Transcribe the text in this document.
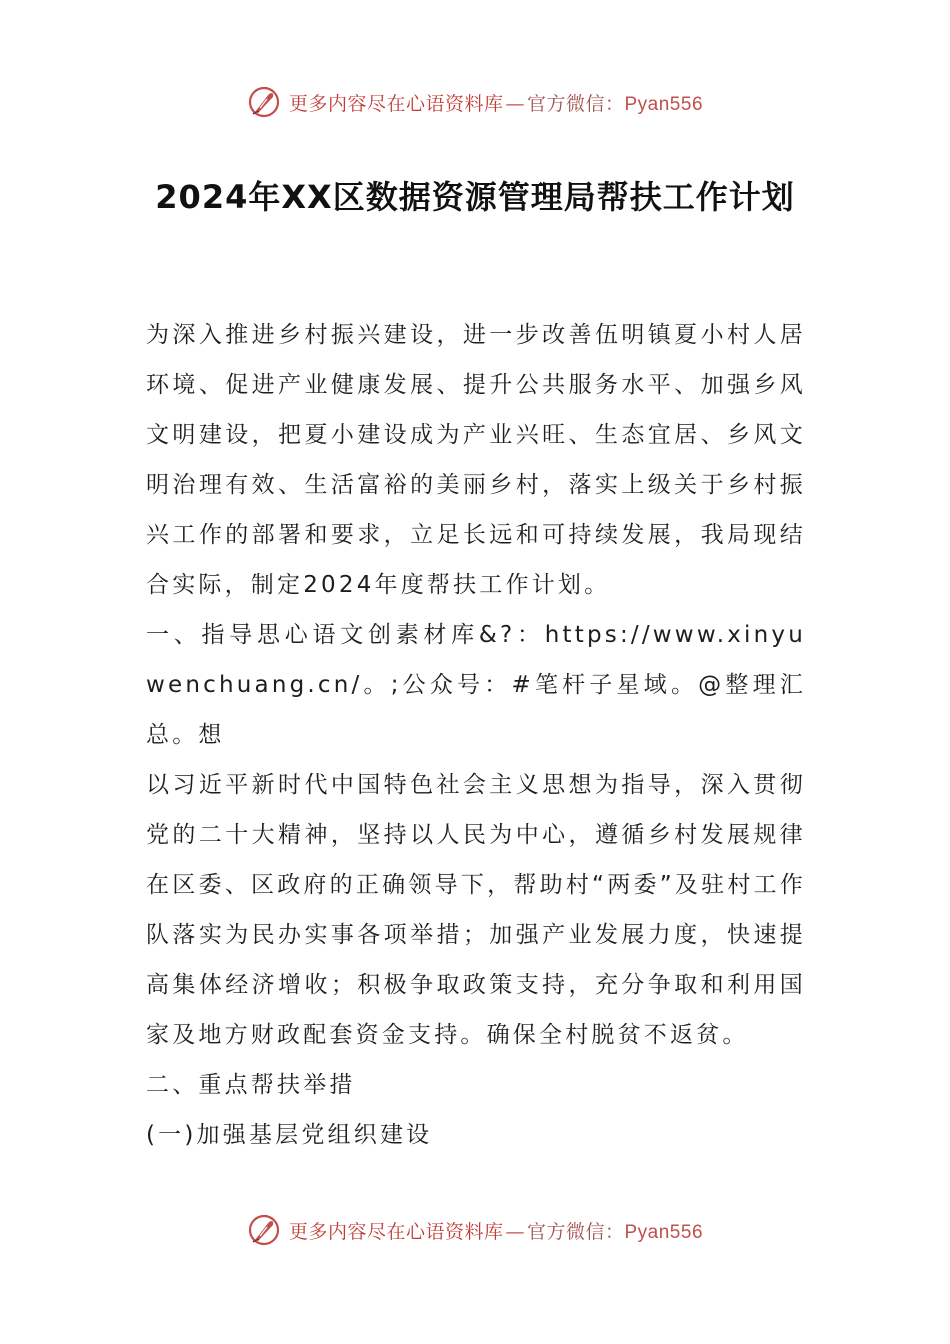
更多内容尽在心语资料库 — 官方微信：Pyan556
2024年XX区数据资源管理局帮扶工作计划

为深入推进乡村振兴建设，进一步改善伍明镇夏小村人居环境、促进产业健康发展、提升公共服务水平、加强乡风文明建设，把夏小建设成为产业兴旺、生态宜居、乡风文明治理有效、生活富裕的美丽乡村，落实上级关于乡村振兴工作的部署和要求，立足长远和可持续发展，我局现结合实际，制定2024年度帮扶工作计划。

一、指导思心语文创素材库&?：https://www.xinyuwenchuang.cn/。;公众号：#笔杆子星域。@整理汇总。想

以习近平新时代中国特色社会主义思想为指导，深入贯彻党的二十大精神，坚持以人民为中心，遵循乡村发展规律在区委、区政府的正确领导下，帮助村“两委”及驻村工作队落实为民办实事各项举措；加强产业发展力度，快速提高集体经济增收；积极争取政策支持，充分争取和利用国家及地方财政配套资金支持。确保全村脱贫不返贫。

二、重点帮扶举措

(一)加强基层党组织建设

更多内容尽在心语资料库 — 官方微信：Pyan556
